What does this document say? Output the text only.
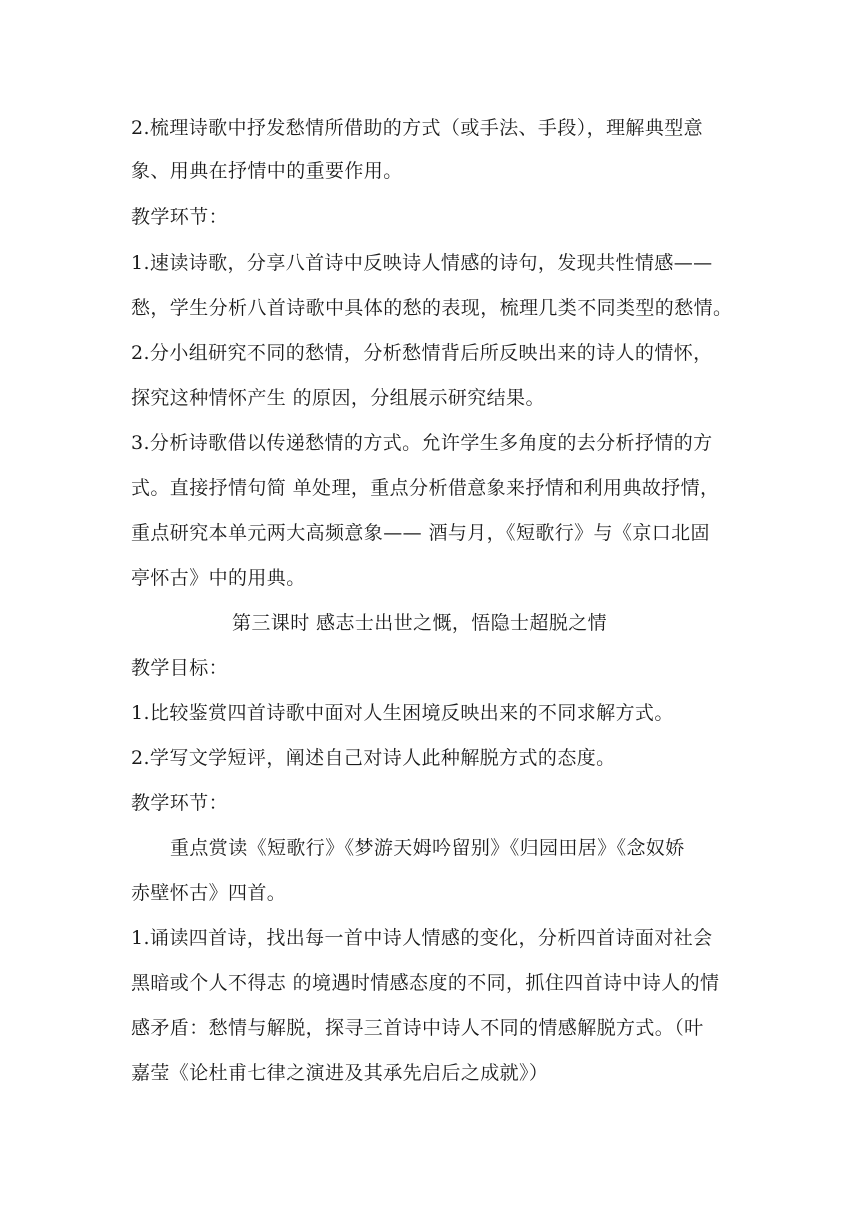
2.梳理诗歌中抒发愁情所借助的方式（或手法、手段），理解典型意
象、用典在抒情中的重要作用。
教学环节：
1.速读诗歌，分享八首诗中反映诗人情感的诗句，发现共性情感——
愁，学生分析八首诗歌中具体的愁的表现，梳理几类不同类型的愁情。
2.分小组研究不同的愁情，分析愁情背后所反映出来的诗人的情怀，
探究这种情怀产生 的原因，分组展示研究结果。
3.分析诗歌借以传递愁情的方式。允许学生多角度的去分析抒情的方
式。直接抒情句简 单处理，重点分析借意象来抒情和利用典故抒情，
重点研究本单元两大高频意象—— 酒与月，《短歌行》与《京口北固
亭怀古》中的用典。
第三课时 感志士出世之慨，悟隐士超脱之情
教学目标：
1.比较鉴赏四首诗歌中面对人生困境反映出来的不同求解方式。
2.学写文学短评，阐述自己对诗人此种解脱方式的态度。
教学环节：
重点赏读《短歌行》《梦游天姆吟留别》《归园田居》《念奴娇
赤壁怀古》四首。
1.诵读四首诗，找出每一首中诗人情感的变化，分析四首诗面对社会
黑暗或个人不得志 的境遇时情感态度的不同，抓住四首诗中诗人的情
感矛盾：愁情与解脱，探寻三首诗中诗人不同的情感解脱方式。（叶
嘉莹《论杜甫七律之演进及其承先启后之成就》）
